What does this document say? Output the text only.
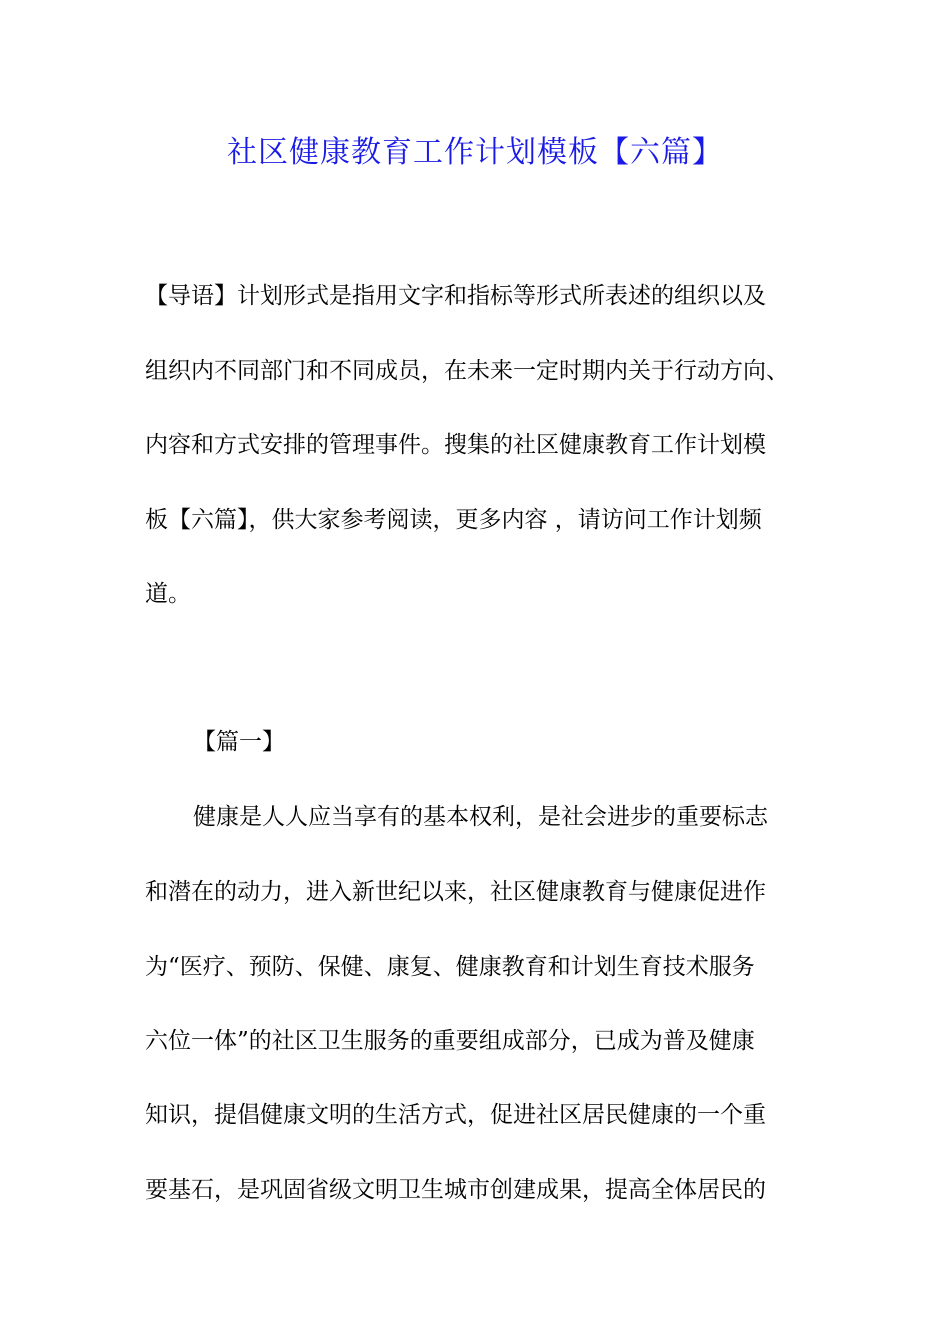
社区健康教育工作计划模板【六篇】

【导语】计划形式是指用文字和指标等形式所表述的组织以及

组织内不同部门和不同成员，在未来一定时期内关于行动方向、

内容和方式安排的管理事件。搜集的社区健康教育工作计划模

板【六篇】，供大家参考阅读，更多内容 ，请访问工作计划频

道。

【篇一】

健康是人人应当享有的基本权利，是社会进步的重要标志

和潜在的动力，进入新世纪以来，社区健康教育与健康促进作

为“医疗、预防、保健、康复、健康教育和计划生育技术服务

六位一体”的社区卫生服务的重要组成部分，已成为普及健康

知识，提倡健康文明的生活方式，促进社区居民健康的一个重

要基石，是巩固省级文明卫生城市创建成果，提高全体居民的
